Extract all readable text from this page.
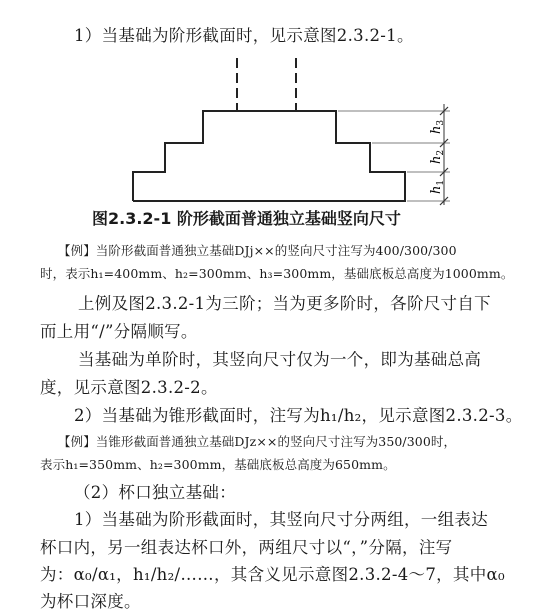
1）当基础为阶形截面时，见示意图2.3.2-1。
$h_3$
$h_2$
$h_1$
图2.3.2-1 阶形截面普通独立基础竖向尺寸
【例】当阶形截面普通独立基础DJj××的竖向尺寸注写为400/300/300
时，表示h₁=400mm、h₂=300mm、h₃=300mm，基础底板总高度为1000mm。
上例及图2.3.2-1为三阶；当为更多阶时，各阶尺寸自下
而上用“/”分隔顺写。
当基础为单阶时，其竖向尺寸仅为一个，即为基础总高
度，见示意图2.3.2-2。
2）当基础为锥形截面时，注写为h₁/h₂，见示意图2.3.2-3。
【例】当锥形截面普通独立基础DJz××的竖向尺寸注写为350/300时，
表示h₁=350mm、h₂=300mm，基础底板总高度为650mm。
（2）杯口独立基础：
1）当基础为阶形截面时，其竖向尺寸分两组，一组表达
杯口内，另一组表达杯口外，两组尺寸以“，”分隔，注写
为：α₀/α₁，h₁/h₂/……，其含义见示意图2.3.2-4～7，其中α₀
为杯口深度。
